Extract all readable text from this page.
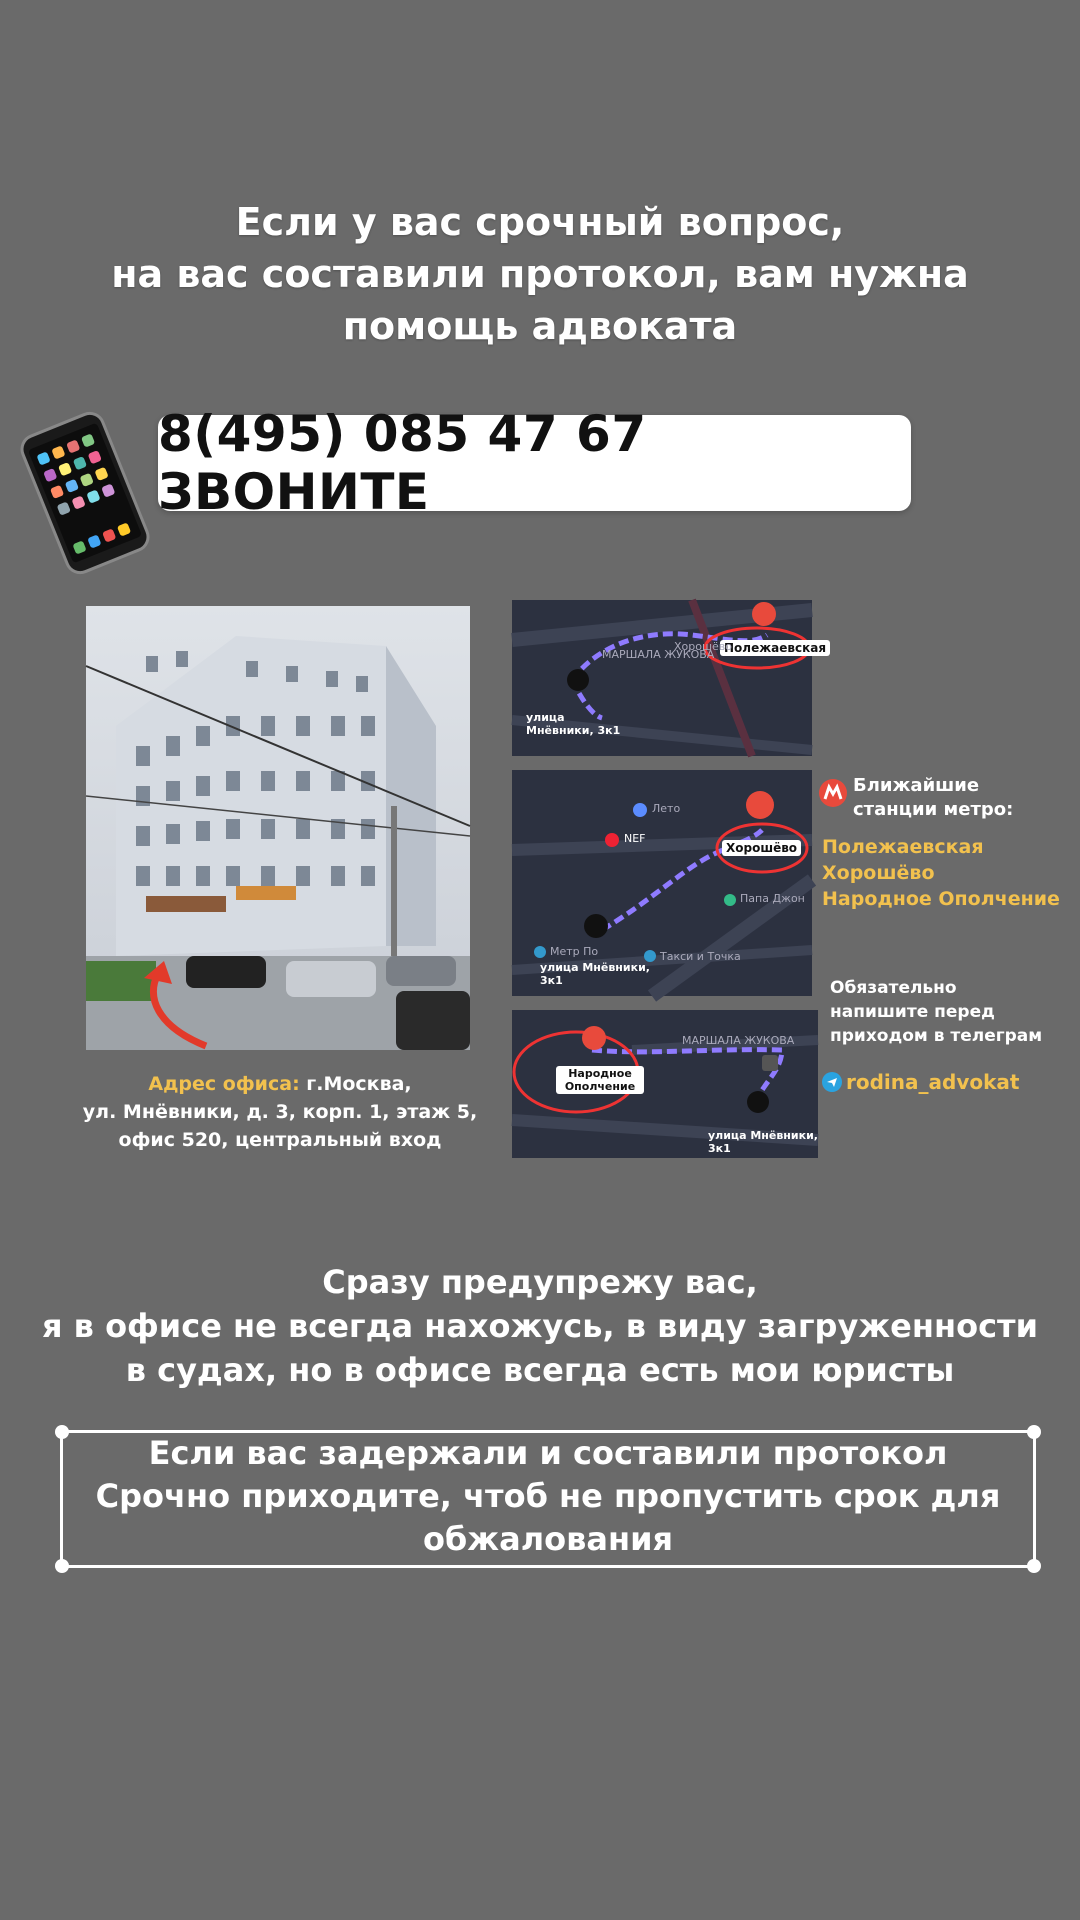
Если у вас срочный вопрос,
на вас составили протокол, вам нужна
помощь адвоката
8(495) 085 47 67 ЗВОНИТЕ
Адрес офиса: г.Москва,
ул. Мнёвники, д. 3, корп. 1, этаж 5,
офис 520, центральный вход
Полежаевская
МАРШАЛА ЖУКОВА
Хорошёво
улица Мнёвники, 3к1
Хорошёво
Лето
NEF
Папа Джон
Метр По	Такси и Точка
улица Мнёвники, 3к1
Народное Ополчение
МАРШАЛА ЖУКОВА
улица Мнёвники, 3к1
Ближайшие
станции метро:
Полежаевская
Хорошёво
Народное Ополчение
Обязательно
напишите перед
приходом в телеграм
rodina_advokat
Сразу предупрежу вас,
я в офисе не всегда нахожусь, в виду загруженности
в судах, но в офисе всегда есть мои юристы
Если вас задержали и составили протокол
Срочно приходите, чтоб не пропустить срок для
обжалования
